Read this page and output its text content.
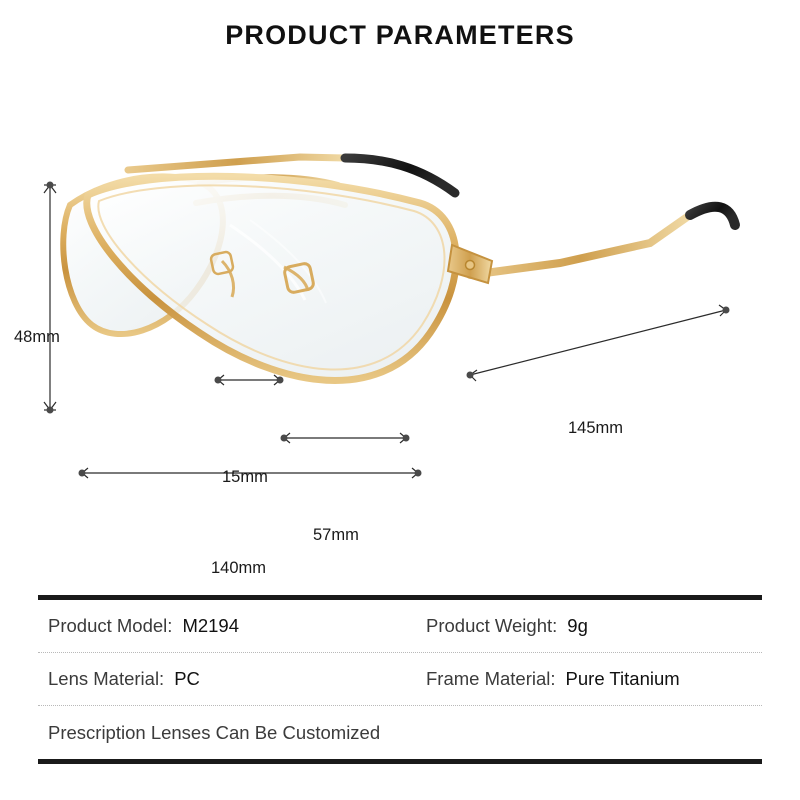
PRODUCT PARAMETERS
48mm
15mm
57mm
140mm
145mm
Product Model: M2194	Product Weight: 9g
Lens Material: PC	Frame Material: Pure Titanium
Prescription Lenses Can Be Customized
